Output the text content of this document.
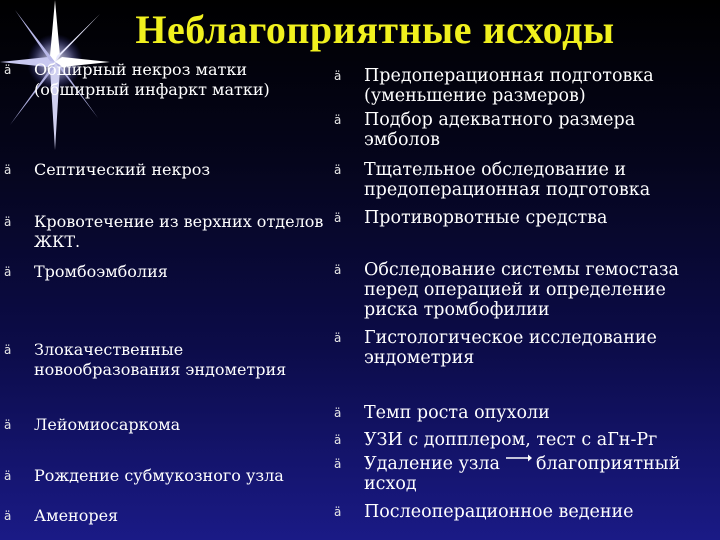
Неблагоприятные исходы
ä	Обширный некроз матки (обширный инфаркт матки)
ä	Септический некроз
ä	Кровотечение из верхних отделов ЖКТ.
ä	Тромбоэмболия
ä	Злокачественные новообразования эндометрия
ä	Лейомиосаркома
ä	Рождение субмукозного узла
ä	Аменорея
ä	Предоперационная подготовка (уменьшение размеров)
ä	Подбор адекватного размера эмболов
ä	Тщательное обследование и предоперационная подготовка
ä	Противорвотные средства
ä	Обследование системы гемостаза перед операцией и определение риска тромбофилии
ä	Гистологическое исследование эндометрия
ä	Темп роста опухоли
ä	УЗИ с допплером, тест с аГн-Рг
ä	Удаление узла благоприятный исход
ä	Послеоперационное ведение
